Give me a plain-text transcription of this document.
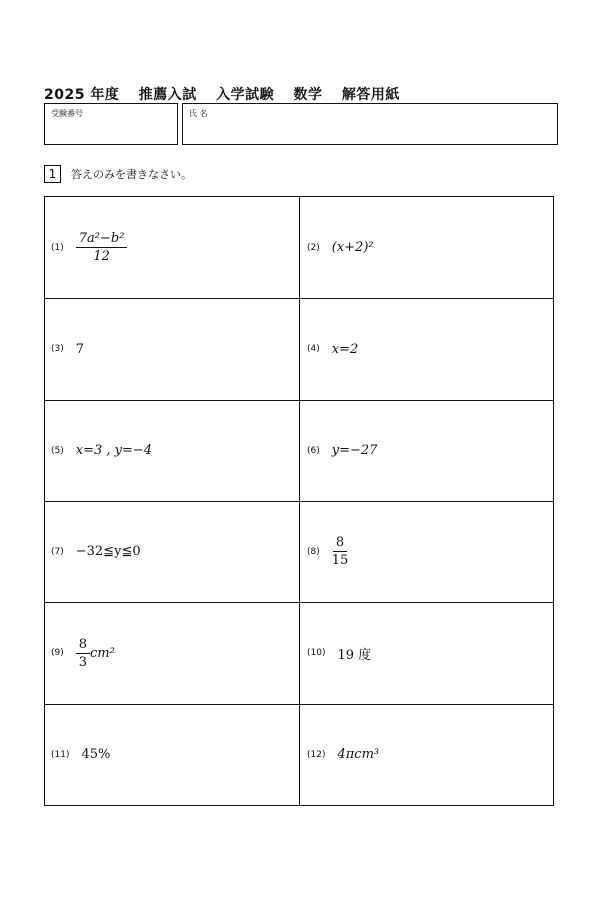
2025 年度 推薦入試 入学試験 数学 解答用紙
受験番号	氏 名
1	答えのみを書きなさい。
$(1) \frac{\text{7a²−b²}}{12}$	(2) (x+2)²
(3) 7	(4) x=2
(5) x=3 , y=−4	(6) y=−27
(7) −32≦y≦0	$(8) \frac{8}{15}$
$(9) \frac{8}{3} cm^2$	(10) 19 度
(11) 45%	(12) 4πcm³
